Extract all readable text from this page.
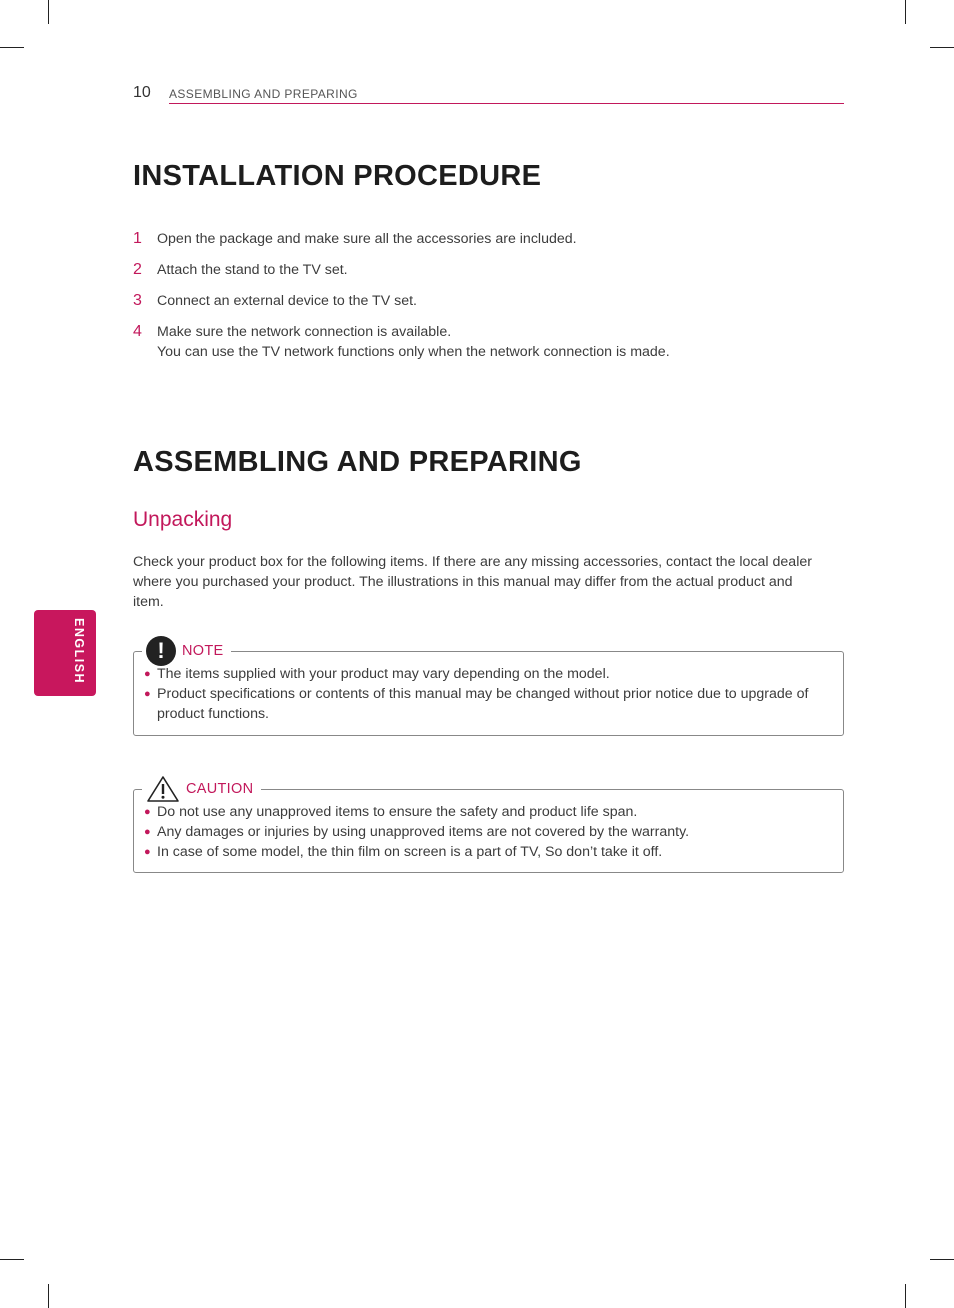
10 ASSEMBLING AND PREPARING
ENGLISH
INSTALLATION PROCEDURE
1 Open the package and make sure all the accessories are included.
2 Attach the stand to the TV set.
3 Connect an external device to the TV set.
4 Make sure the network connection is available.
You can use the TV network functions only when the network connection is made.
ASSEMBLING AND PREPARING
Unpacking

Check your product box for the following items. If there are any missing accessories, contact the local dealer where you purchased your product. The illustrations in this manual may differ from the actual product and item.

!	NOTE
● The items supplied with your product may vary depending on the model.
● Product specifications or contents of this manual may be changed without prior notice due to upgrade of product functions.
CAUTION
● Do not use any unapproved items to ensure the safety and product life span.
● Any damages or injuries by using unapproved items are not covered by the warranty.
● In case of some model, the thin film on screen is a part of TV, So don’t take it off.
